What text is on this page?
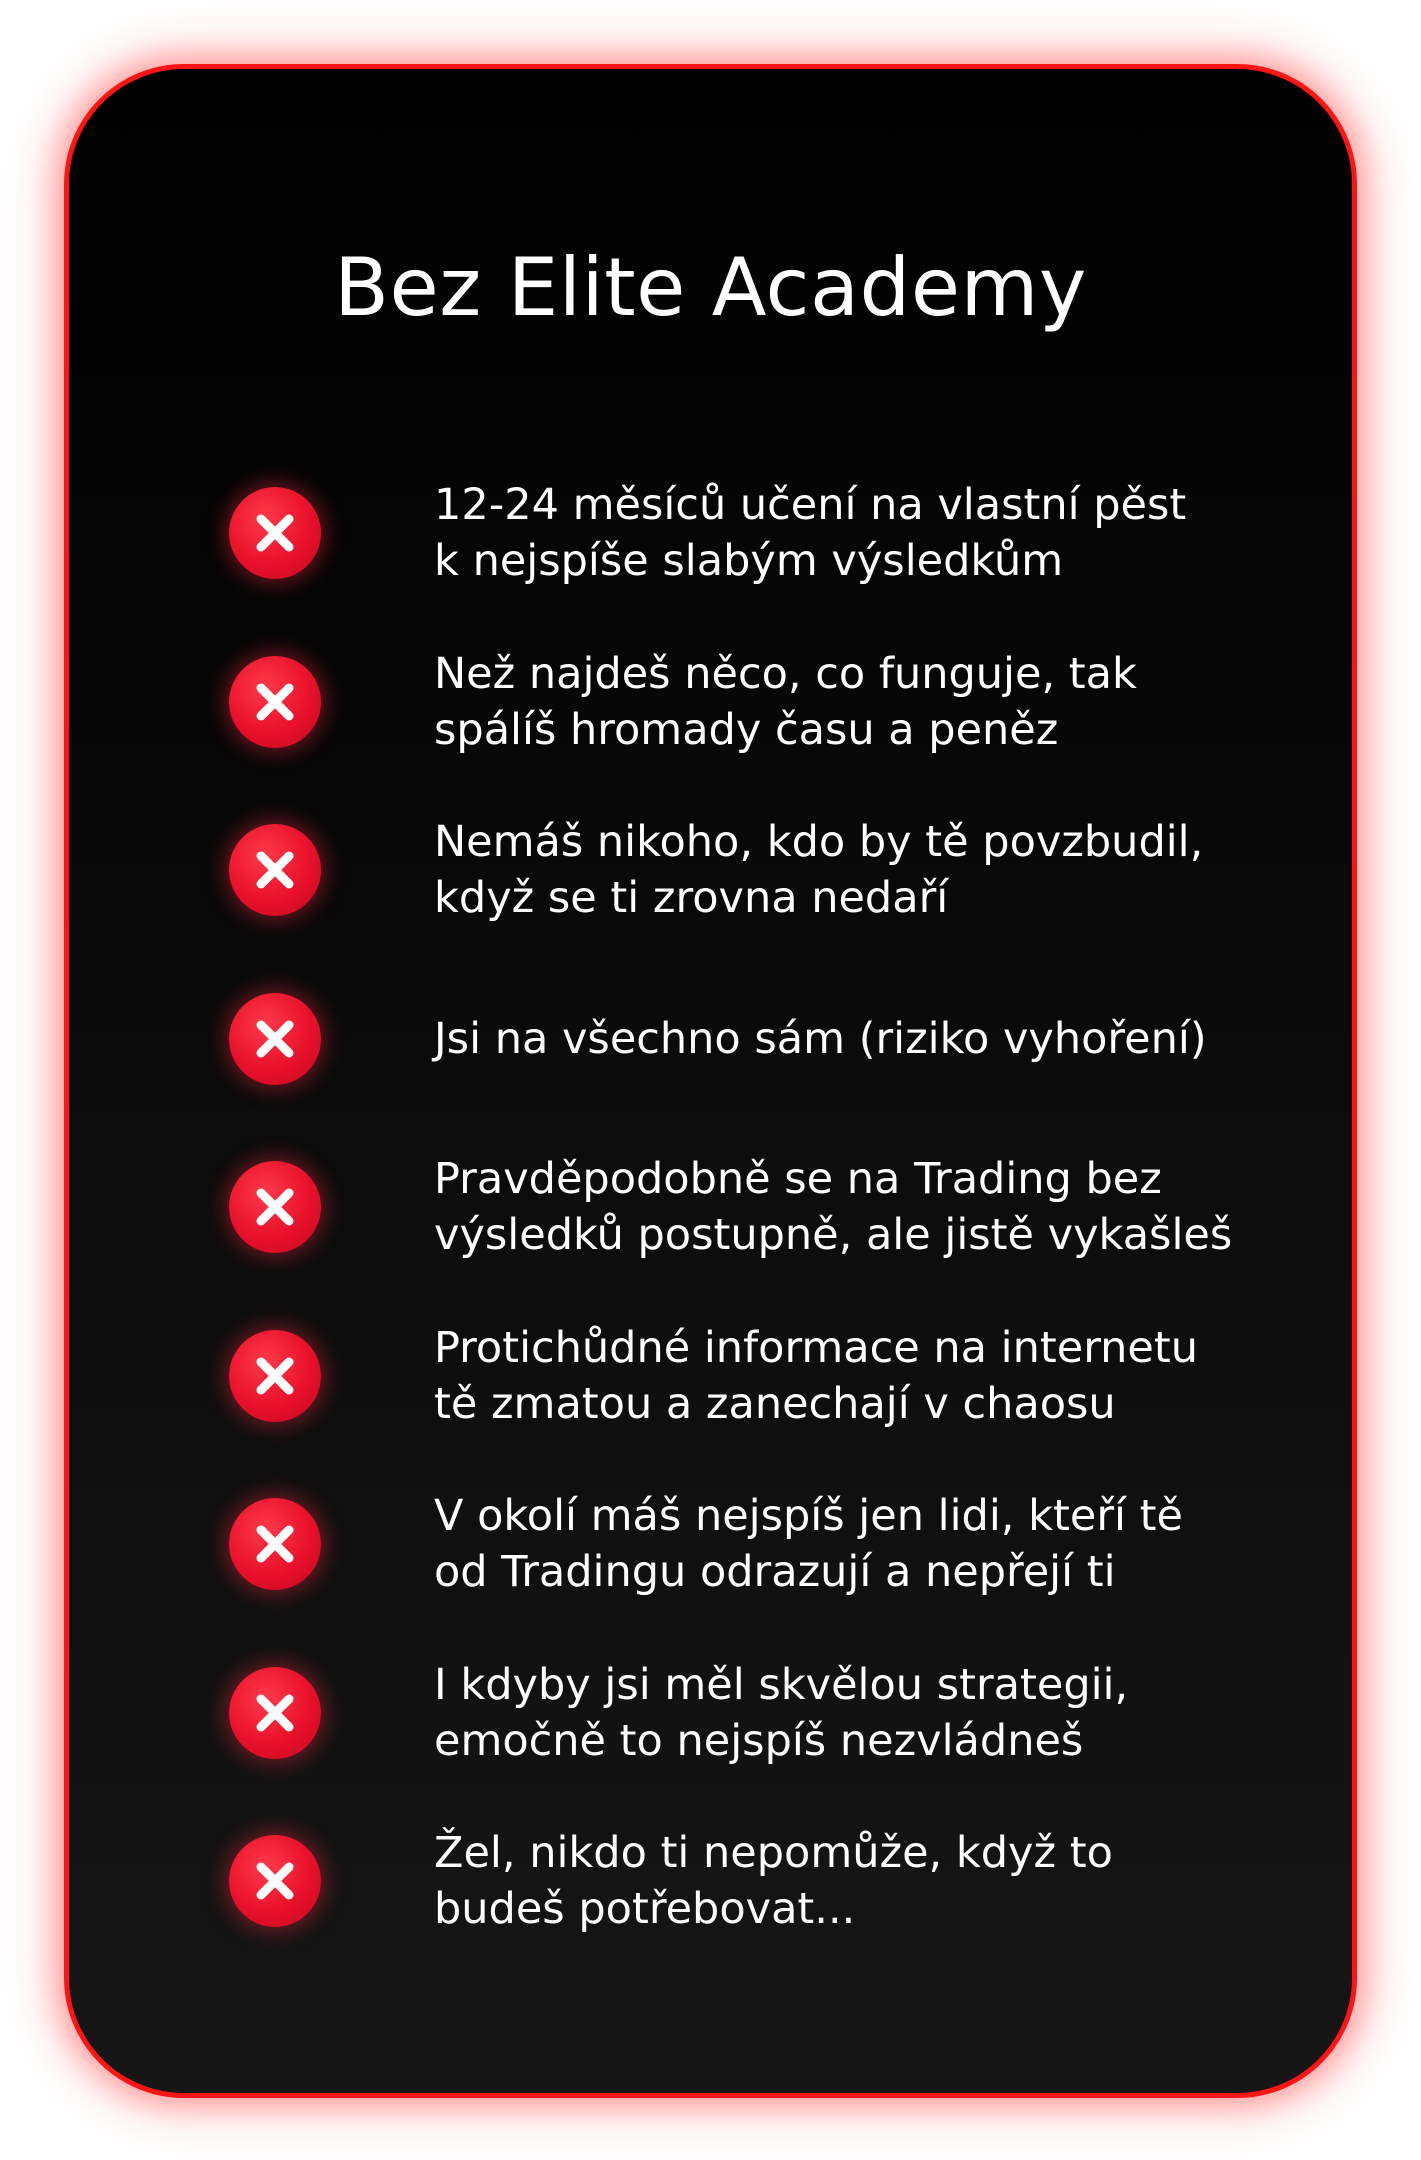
Bez Elite Academy
12-24 měsíců učení na vlastní pěst
k nejspíše slabým výsledkům
Než najdeš něco, co funguje, tak
spálíš hromady času a peněz
Nemáš nikoho, kdo by tě povzbudil,
když se ti zrovna nedaří
Jsi na všechno sám (riziko vyhoření)
Pravděpodobně se na Trading bez
výsledků postupně, ale jistě vykašleš
Protichůdné informace na internetu
tě zmatou a zanechají v chaosu
V okolí máš nejspíš jen lidi, kteří tě
od Tradingu odrazují a nepřejí ti
I kdyby jsi měl skvělou strategii,
emočně to nejspíš nezvládneš
Žel, nikdo ti nepomůže, když to
budeš potřebovat...
